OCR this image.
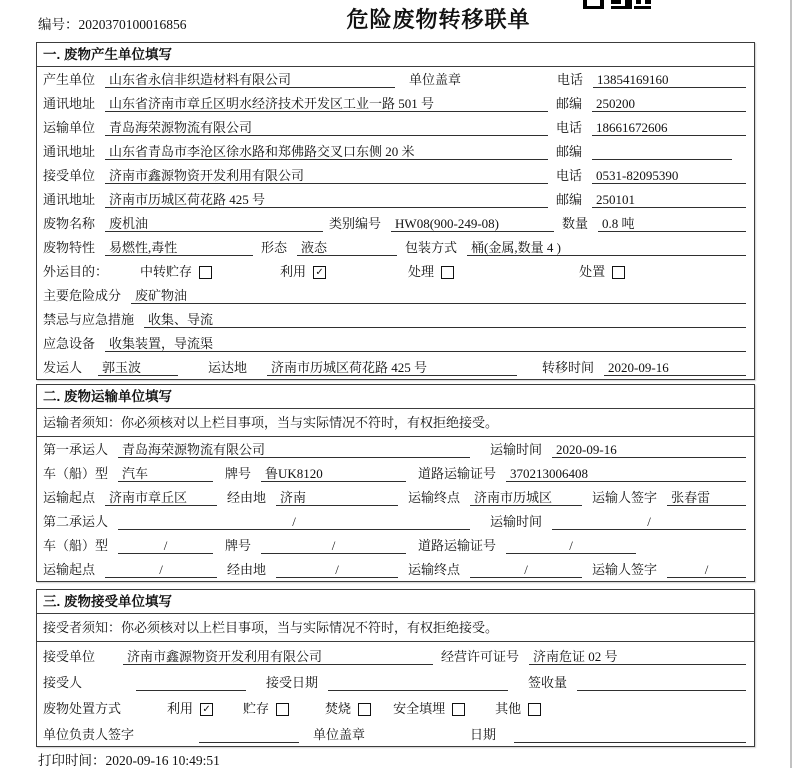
编号：2020370100016856	危险废物转移联单
一. 废物产生单位填写
产生单位	山东省永信非织造材料有限公司	单位盖章	电话	13854169160
通讯地址	山东省济南市章丘区明水经济技术开发区工业一路 501 号	邮编	250200
运输单位	青岛海荣源物流有限公司	电话	18661672606
通讯地址	山东省青岛市李沧区徐水路和郑佛路交叉口东侧 20 米	邮编
接受单位	济南市鑫源物资开发利用有限公司	电话	0531-82095390
通讯地址	济南市历城区荷花路 425 号	邮编	250101
废物名称	废机油	类别编号	HW08(900-249-08)	数量	0.8 吨
废物特性	易燃性,毒性	形态	液态	包装方式	桶(金属,数量 4 )
外运目的： 中转贮存	利用 ✓	处理	处置
主要危险成分	废矿物油
禁忌与应急措施	收集、导流
应急设备	收集装置，导流渠
发运人	郭玉波	运达地	济南市历城区荷花路 425 号	转移时间	2020-09-16
二. 废物运输单位填写
运输者须知：你必须核对以上栏目事项，当与实际情况不符时，有权拒绝接受。
第一承运人	青岛海荣源物流有限公司	运输时间	2020-09-16
车（船）型	汽车	牌号	鲁UK8120	道路运输证号	370213006408
运输起点	济南市章丘区	经由地	济南	运输终点	济南市历城区	运输人签字	张春雷
第二承运人	/	运输时间	/
车（船）型	/	牌号	/	道路运输证号	/
运输起点	/	经由地	/	运输终点	/	运输人签字	/
三. 废物接受单位填写
接受者须知：你必须核对以上栏目事项，当与实际情况不符时，有权拒绝接受。
接受单位	济南市鑫源物资开发利用有限公司	经营许可证号	济南危证 02 号
接受人	接受日期	签收量
废物处置方式	利用 ✓ 贮存	焚烧	安全填埋	其他
单位负责人签字	单位盖章	日期
打印时间：2020-09-16 10:49:51
